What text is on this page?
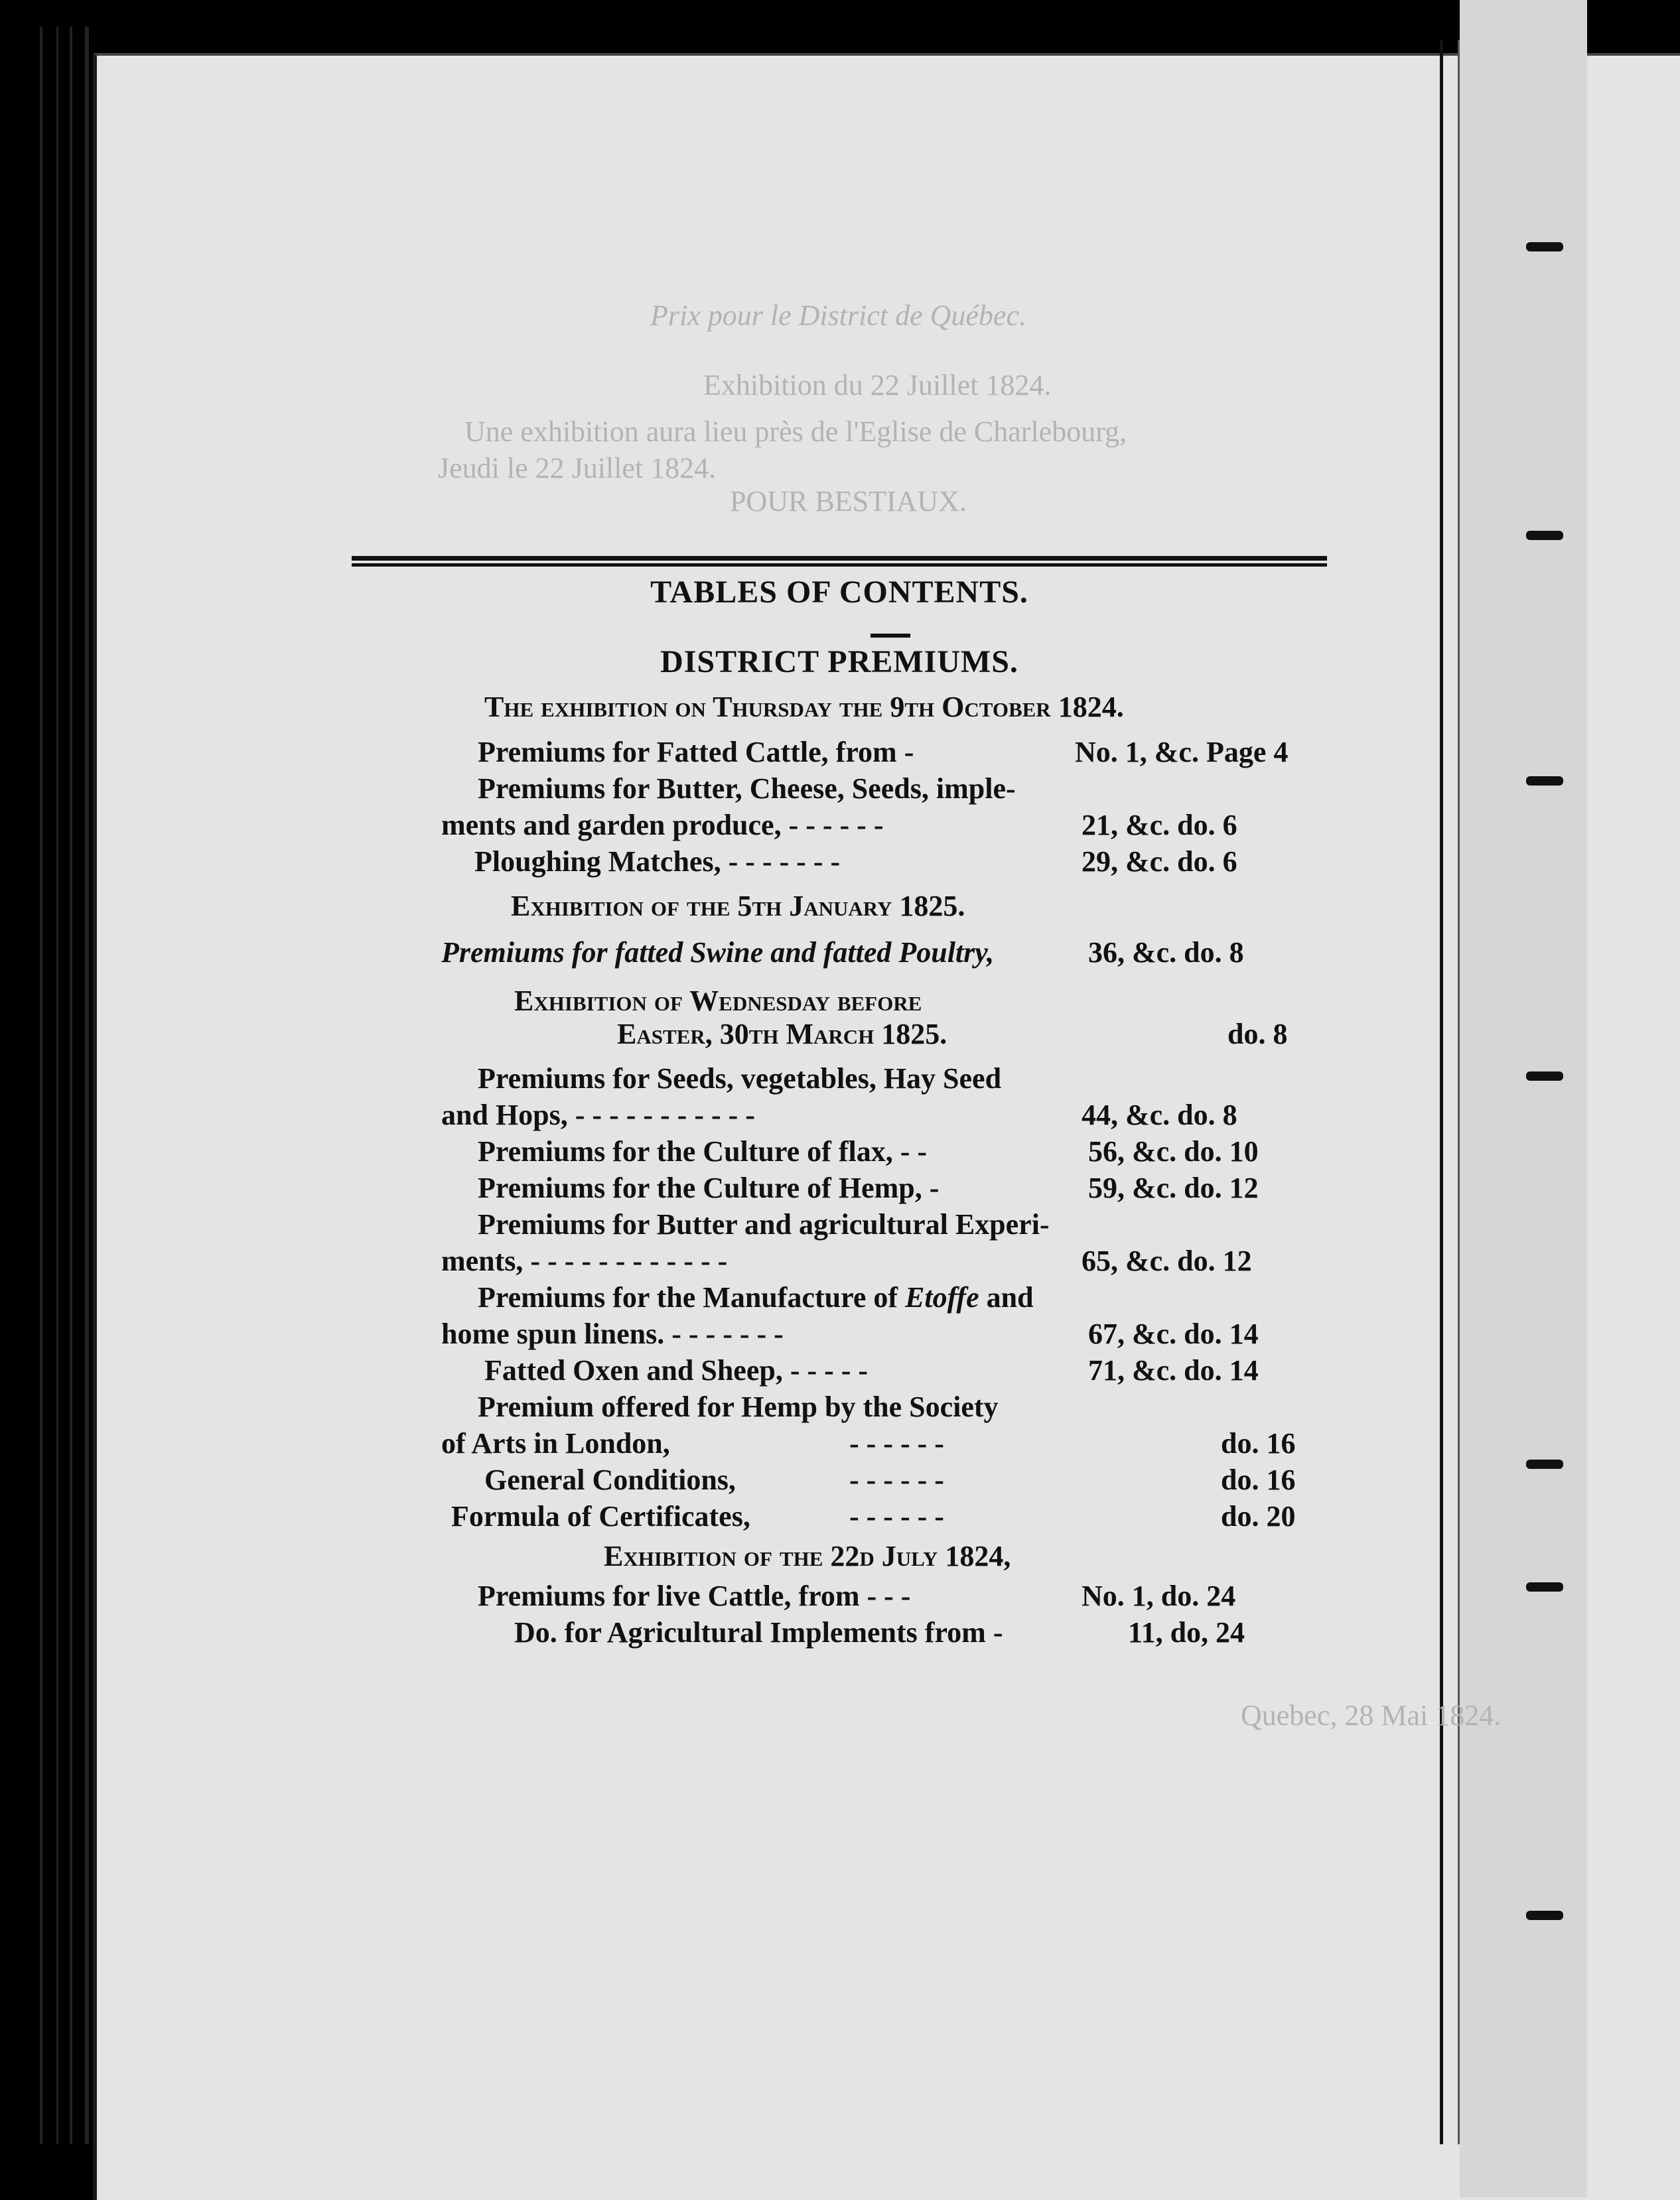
Prix pour le District de Québec.
Exhibition du 22 Juillet 1824.
Une exhibition aura lieu près de l'Eglise de Charlebourg,
Jeudi le 22 Juillet 1824.
POUR BESTIAUX.
Quebec, 28 Mai 1824.
TABLES OF CONTENTS.
DISTRICT PREMIUMS.
The exhibition on Thursday the 9th October 1824.
Premiums for Fatted Cattle, from -	No. 1, &c. Page 4
Premiums for Butter, Cheese, Seeds, imple-
ments and garden produce, - - - - - -	21, &c. do. 6
Ploughing Matches, - - - - - - -	29, &c. do. 6
Exhibition of the 5th January 1825.
Premiums for fatted Swine and fatted Poultry,	36, &c. do. 8
Exhibition of Wednesday before
Easter, 30th March 1825.	do. 8
Premiums for Seeds, vegetables, Hay Seed
and Hops, - - - - - - - - - - -	44, &c. do. 8
Premiums for the Culture of flax, - -	56, &c. do. 10
Premiums for the Culture of Hemp, -	59, &c. do. 12
Premiums for Butter and agricultural Experi-
ments, - - - - - - - - - - - -	65, &c. do. 12
Premiums for the Manufacture of Etoffe and
home spun linens. - - - - - - -	67, &c. do. 14
Fatted Oxen and Sheep, - - - - -	71, &c. do. 14
Premium offered for Hemp by the Society
of Arts in London,	- - - - - -	do. 16
General Conditions,	- - - - - -	do. 16
Formula of Certificates,	- - - - - -	do. 20
Exhibition of the 22d July 1824,
Premiums for live Cattle, from - - -	No. 1, do. 24
Do. for Agricultural Implements from -	11, do, 24
